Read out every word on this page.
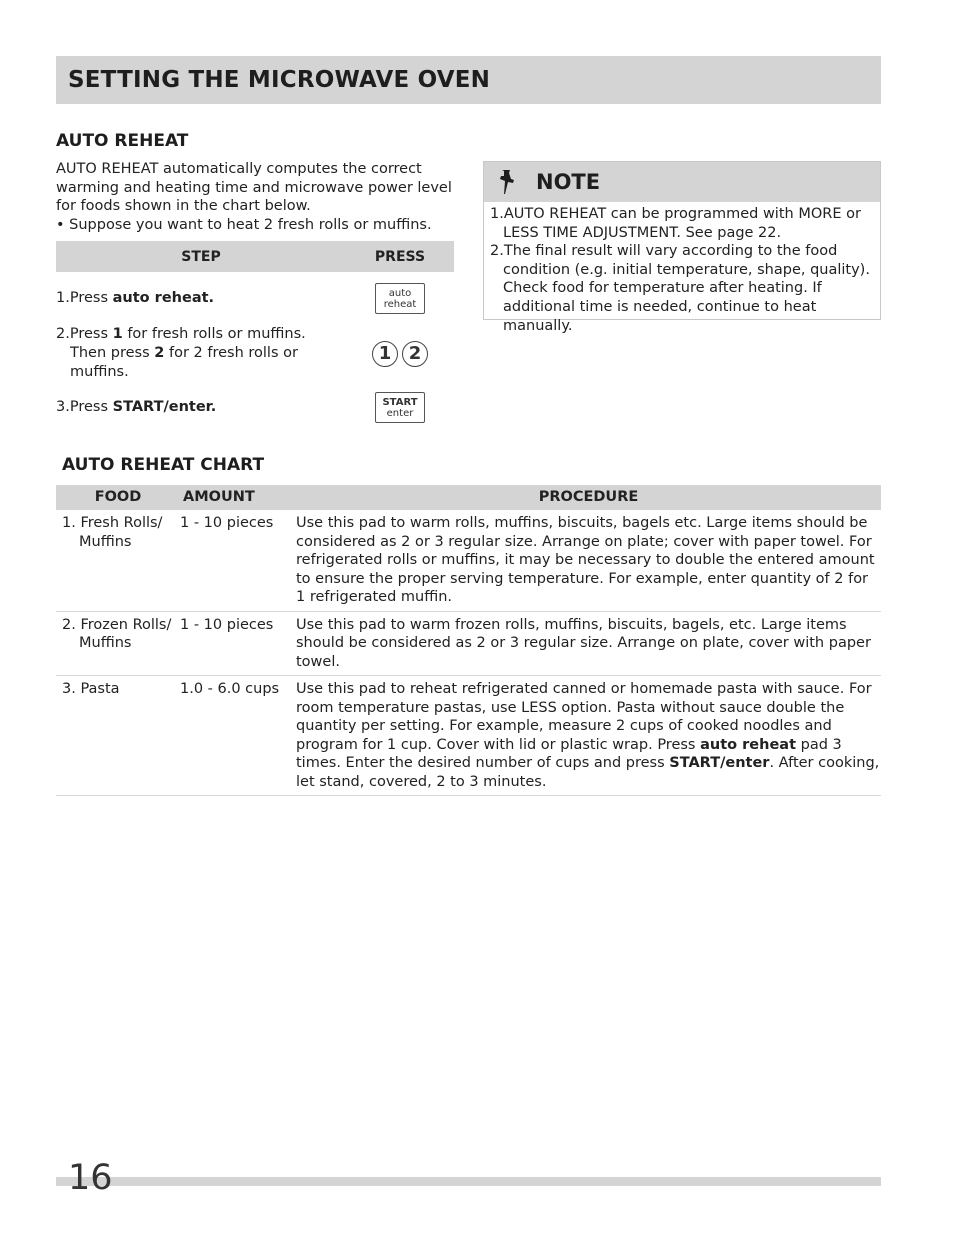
SETTING THE MICROWAVE OVEN
AUTO REHEAT

AUTO REHEAT automatically computes the correct warming and heating time and microwave power level for foods shown in the chart below.

• Suppose you want to heat 2 fresh rolls or muffins.

STEP	PRESS
1.Press auto reheat.	auto
reheat
2.Press 1 for fresh rolls or muffins. Then press 2 for 2 fresh rolls or muffins.	1 2
3.Press START/enter.	START
enter
NOTE
1.AUTO REHEAT can be programmed with MORE or LESS TIME ADJUSTMENT. See page 22.
2.The final result will vary according to the food condition (e.g. initial temperature, shape, quality). Check food for temperature after heating. If additional time is needed, continue to heat manually.
AUTO REHEAT CHART
FOOD	AMOUNT	PROCEDURE

1. Fresh Rolls/ Muffins	1 - 10 pieces	Use this pad to warm rolls, muffins, biscuits, bagels etc. Large items should be considered as 2 or 3 regular size. Arrange on plate; cover with paper towel. For refrigerated rolls or muffins, it may be necessary to double the entered amount to ensure the proper serving temperature. For example, enter quantity of 2 for 1 refrigerated muffin.

2. Frozen Rolls/ Muffins	1 - 10 pieces	Use this pad to warm frozen rolls, muffins, biscuits, bagels, etc. Large items should be considered as 2 or 3 regular size. Arrange on plate, cover with paper towel.

3. Pasta	1.0 - 6.0 cups	Use this pad to reheat refrigerated canned or homemade pasta with sauce. For room temperature pastas, use LESS option. Pasta without sauce double the quantity per setting. For example, measure 2 cups of cooked noodles and program for 1 cup. Cover with lid or plastic wrap. Press auto reheat pad 3 times. Enter the desired number of cups and press START/enter. After cooking, let stand, covered, 2 to 3 minutes.
16
